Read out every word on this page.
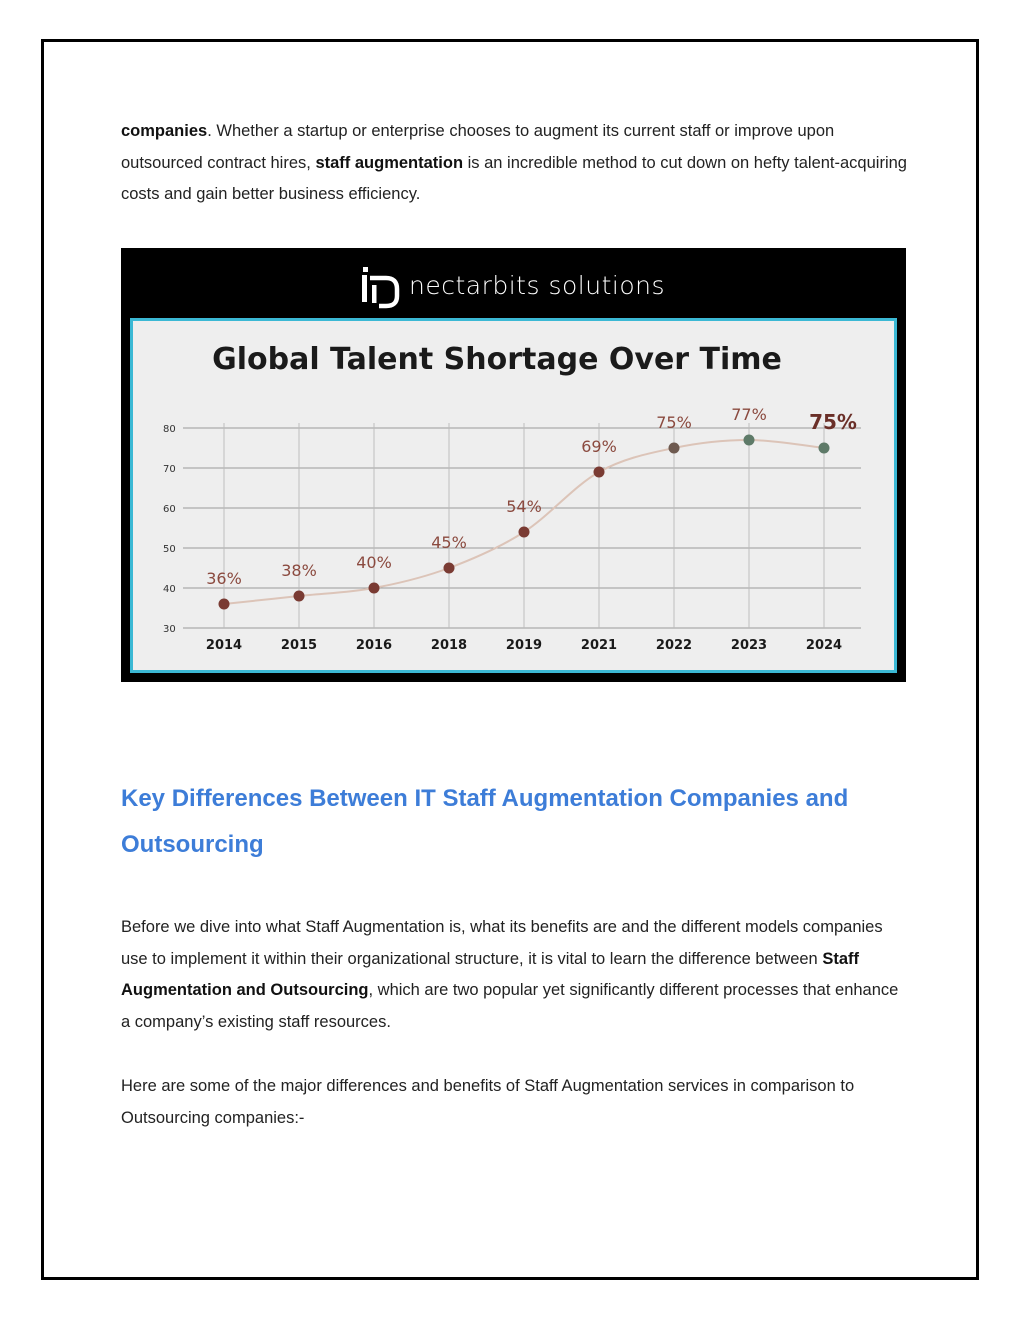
companies. Whether a startup or enterprise chooses to augment its current staff or improve upon outsourced contract hires, staff augmentation is an incredible method to cut down on hefty talent-acquiring costs and gain better business efficiency.

nectarbits solutions
Global Talent Shortage Over Time
30
40
50
60
70
80
2014	2015	2016	2018	2019	2021	2022	2023	2024
36% 38% 40%
45%
54%
69%
75% 77% 75%
Key Differences Between IT Staff Augmentation Companies and Outsourcing

Before we dive into what Staff Augmentation is, what its benefits are and the different models companies use to implement it within their organizational structure, it is vital to learn the difference between Staff Augmentation and Outsourcing, which are two popular yet significantly different processes that enhance a company’s existing staff resources.

Here are some of the major differences and benefits of Staff Augmentation services in comparison to Outsourcing companies:-
